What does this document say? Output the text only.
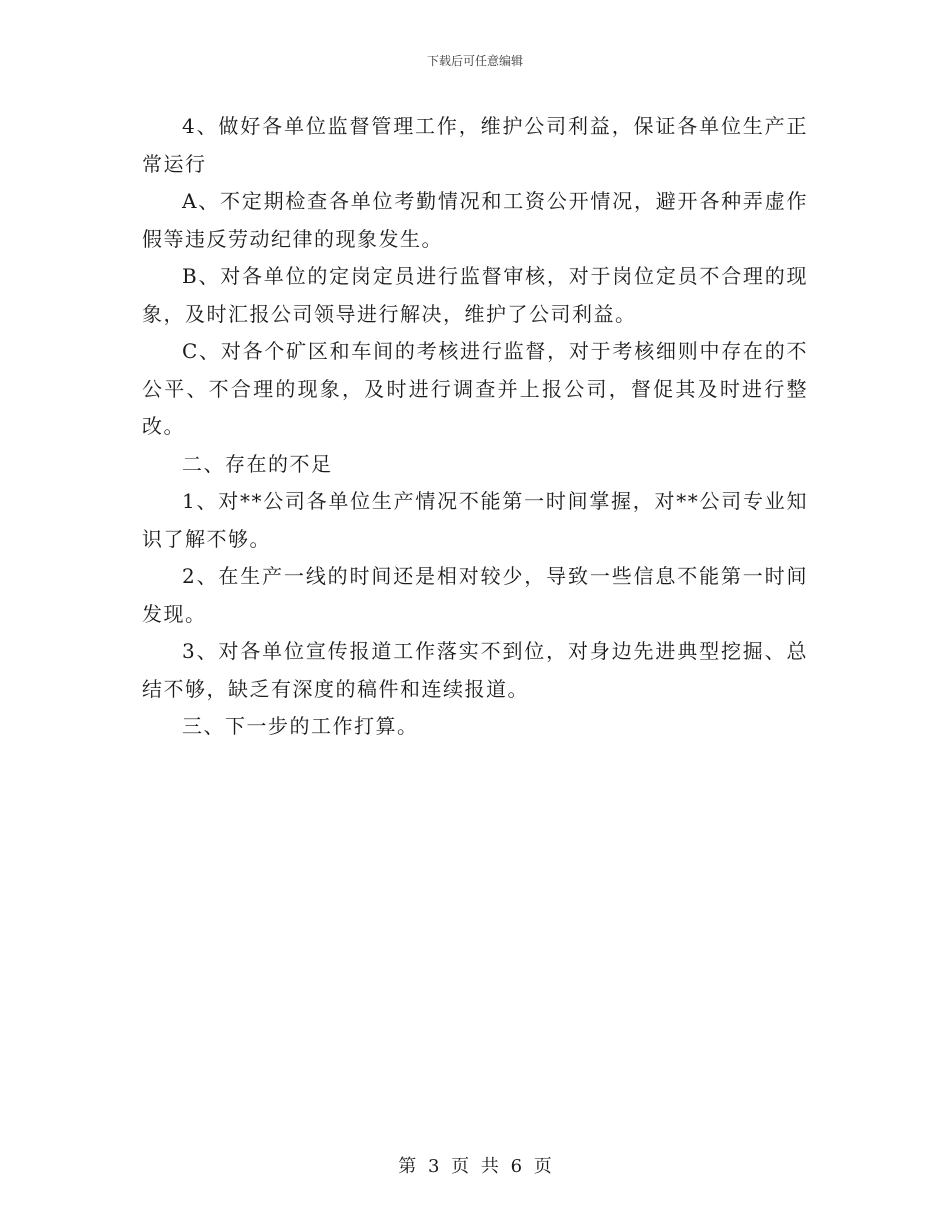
下载后可任意编辑

4、做好各单位监督管理工作，维护公司利益，保证各单位生产正常运行

A、不定期检查各单位考勤情况和工资公开情况，避开各种弄虚作假等违反劳动纪律的现象发生。

B、对各单位的定岗定员进行监督审核，对于岗位定员不合理的现象，及时汇报公司领导进行解决，维护了公司利益。

C、对各个矿区和车间的考核进行监督，对于考核细则中存在的不公平、不合理的现象，及时进行调查并上报公司，督促其及时进行整改。

二、存在的不足

1、对**公司各单位生产情况不能第一时间掌握，对**公司专业知识了解不够。

2、在生产一线的时间还是相对较少，导致一些信息不能第一时间发现。

3、对各单位宣传报道工作落实不到位，对身边先进典型挖掘、总结不够，缺乏有深度的稿件和连续报道。

三、下一步的工作打算。

第 3 页 共 6 页
